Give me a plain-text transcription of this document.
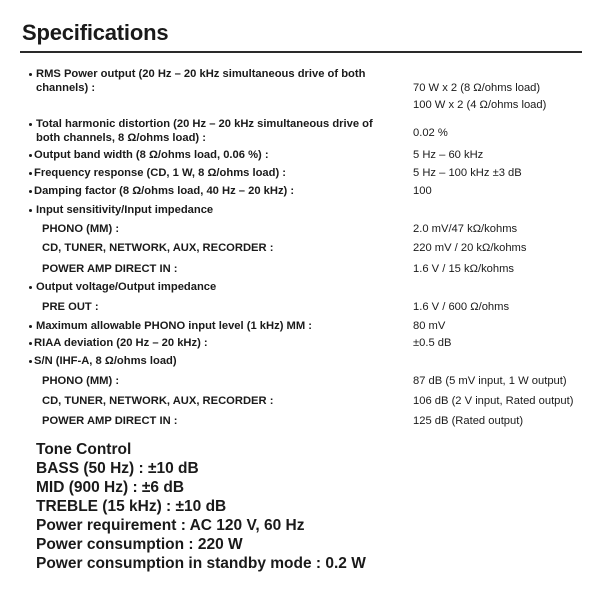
Specifications
RMS Power output (20 Hz – 20 kHz simultaneous drive of both
channels) :	70 W x 2 (8 Ω/ohms load)
100 W x 2 (4 Ω/ohms load)
Total harmonic distortion (20 Hz – 20 kHz simultaneous drive of
both channels, 8 Ω/ohms load) :	0.02 %
Output band width (8 Ω/ohms load, 0.06 %) :	5 Hz – 60 kHz
Frequency response (CD, 1 W, 8 Ω/ohms load) :	5 Hz – 100 kHz ±3 dB
Damping factor (8 Ω/ohms load, 40 Hz – 20 kHz) :	100
Input sensitivity/Input impedance
PHONO (MM) :	2.0 mV/47 kΩ/kohms
CD, TUNER, NETWORK, AUX, RECORDER :	220 mV / 20 kΩ/kohms
POWER AMP DIRECT IN :	1.6 V / 15 kΩ/kohms
Output voltage/Output impedance
PRE OUT :	1.6 V / 600 Ω/ohms
Maximum allowable PHONO input level (1 kHz) MM :	80 mV
RIAA deviation (20 Hz – 20 kHz) :	±0.5 dB
S/N (IHF-A, 8 Ω/ohms load)
PHONO (MM) :	87 dB (5 mV input, 1 W output)
CD, TUNER, NETWORK, AUX, RECORDER :	106 dB (2 V input, Rated output)
POWER AMP DIRECT IN :	125 dB (Rated output)
Tone Control
BASS (50 Hz) : ±10 dB
MID (900 Hz) : ±6 dB
TREBLE (15 kHz) : ±10 dB
Power requirement : AC 120 V, 60 Hz
Power consumption : 220 W
Power consumption in standby mode : 0.2 W
